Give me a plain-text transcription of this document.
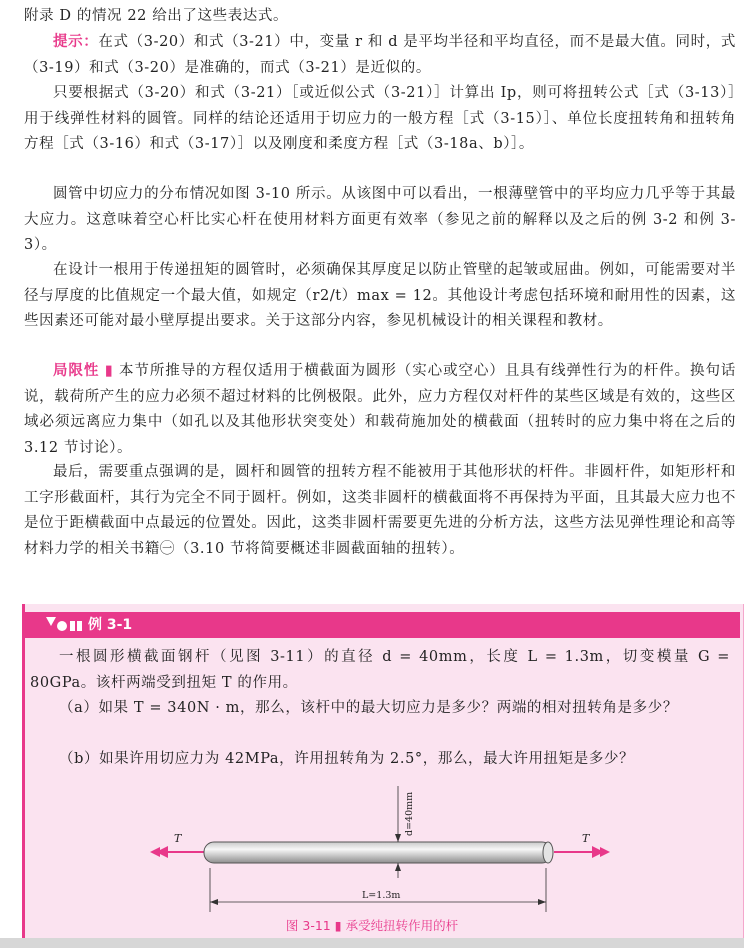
附录 D 的情况 22 给出了这些表达式。

提示：在式（3-20）和式（3-21）中，变量 r 和 d 是平均半径和平均直径，而不是最大值。同时，式（3-19）和式（3-20）是准确的，而式（3-21）是近似的。

只要根据式（3-20）和式（3-21）［或近似公式（3-21）］计算出 Ip，则可将扭转公式［式（3-13）］用于线弹性材料的圆管。同样的结论还适用于切应力的一般方程［式（3-15）］、单位长度扭转角和扭转角方程［式（3-16）和式（3-17）］以及刚度和柔度方程［式（3-18a、b）］。

圆管中切应力的分布情况如图 3-10 所示。从该图中可以看出，一根薄壁管中的平均应力几乎等于其最大应力。这意味着空心杆比实心杆在使用材料方面更有效率（参见之前的解释以及之后的例 3-2 和例 3-3）。

在设计一根用于传递扭矩的圆管时，必须确保其厚度足以防止管壁的起皱或屈曲。例如，可能需要对半径与厚度的比值规定一个最大值，如规定（r2/t）max = 12。其他设计考虑包括环境和耐用性的因素，这些因素还可能对最小壁厚提出要求。关于这部分内容，参见机械设计的相关课程和教材。

局限性 ▮ 本节所推导的方程仅适用于横截面为圆形（实心或空心）且具有线弹性行为的杆件。换句话说，载荷所产生的应力必须不超过材料的比例极限。此外，应力方程仅对杆件的某些区域是有效的，这些区域必须远离应力集中（如孔以及其他形状突变处）和载荷施加处的横截面（扭转时的应力集中将在之后的 3.12 节讨论）。

最后，需要重点强调的是，圆杆和圆管的扭转方程不能被用于其他形状的杆件。非圆杆件，如矩形杆和工字形截面杆，其行为完全不同于圆杆。例如，这类非圆杆的横截面将不再保持为平面，且其最大应力也不是位于距横截面中点最远的位置处。因此，这类非圆杆需要更先进的分析方法，这些方法见弹性理论和高等材料力学的相关书籍㊀（3.10 节将简要概述非圆截面轴的扭转）。

例 3-1

一根圆形横截面钢杆（见图 3-11）的直径 d = 40mm，长度 L = 1.3m，切变模量 G = 80GPa。该杆两端受到扭矩 T 的作用。

（a）如果 T = 340N · m，那么，该杆中的最大切应力是多少？两端的相对扭转角是多少？

（b）如果许用切应力为 42MPa，许用扭转角为 2.5°，那么，最大许用扭矩是多少？

T	T
d=40mm
L=1.3m
图 3-11 ▮ 承受纯扭转作用的杆
